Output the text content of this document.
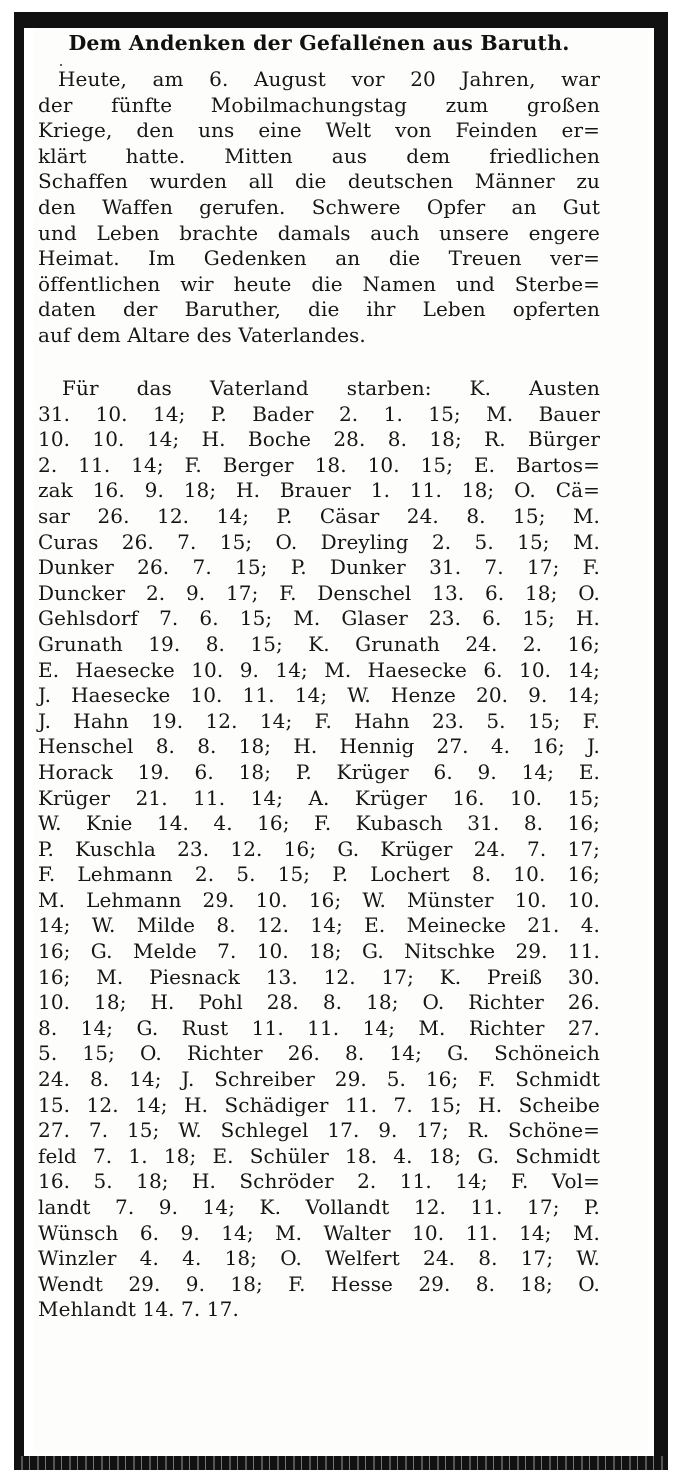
Dem Andenken der Gefallenen aus Baruth.
Heute, am 6. August vor 20 Jahren, war
der fünfte Mobilmachungstag zum großen
Kriege, den uns eine Welt von Feinden er=
klärt hatte. Mitten aus dem friedlichen
Schaffen wurden all die deutschen Männer zu
den Waffen gerufen. Schwere Opfer an Gut
und Leben brachte damals auch unsere engere
Heimat. Im Gedenken an die Treuen ver=
öffentlichen wir heute die Namen und Sterbe=
daten der Baruther, die ihr Leben opferten
auf dem Altare des Vaterlandes.
Für das Vaterland starben: K. Austen
31. 10. 14; P. Bader 2. 1. 15; M. Bauer
10. 10. 14; H. Boche 28. 8. 18; R. Bürger
2. 11. 14; F. Berger 18. 10. 15; E. Bartos=
zak 16. 9. 18; H. Brauer 1. 11. 18; O. Cä=
sar 26. 12. 14; P. Cäsar 24. 8. 15; M.
Curas 26. 7. 15; O. Dreyling 2. 5. 15; M.
Dunker 26. 7. 15; P. Dunker 31. 7. 17; F.
Duncker 2. 9. 17; F. Denschel 13. 6. 18; O.
Gehlsdorf 7. 6. 15; M. Glaser 23. 6. 15; H.
Grunath 19. 8. 15; K. Grunath 24. 2. 16;
E. Haesecke 10. 9. 14; M. Haesecke 6. 10. 14;
J. Haesecke 10. 11. 14; W. Henze 20. 9. 14;
J. Hahn 19. 12. 14; F. Hahn 23. 5. 15; F.
Henschel 8. 8. 18; H. Hennig 27. 4. 16; J.
Horack 19. 6. 18; P. Krüger 6. 9. 14; E.
Krüger 21. 11. 14; A. Krüger 16. 10. 15;
W. Knie 14. 4. 16; F. Kubasch 31. 8. 16;
P. Kuschla 23. 12. 16; G. Krüger 24. 7. 17;
F. Lehmann 2. 5. 15; P. Lochert 8. 10. 16;
M. Lehmann 29. 10. 16; W. Münster 10. 10.
14; W. Milde 8. 12. 14; E. Meinecke 21. 4.
16; G. Melde 7. 10. 18; G. Nitschke 29. 11.
16; M. Piesnack 13. 12. 17; K. Preiß 30.
10. 18; H. Pohl 28. 8. 18; O. Richter 26.
8. 14; G. Rust 11. 11. 14; M. Richter 27.
5. 15; O. Richter 26. 8. 14; G. Schöneich
24. 8. 14; J. Schreiber 29. 5. 16; F. Schmidt
15. 12. 14; H. Schädiger 11. 7. 15; H. Scheibe
27. 7. 15; W. Schlegel 17. 9. 17; R. Schöne=
feld 7. 1. 18; E. Schüler 18. 4. 18; G. Schmidt
16. 5. 18; H. Schröder 2. 11. 14; F. Vol=
landt 7. 9. 14; K. Vollandt 12. 11. 17; P.
Wünsch 6. 9. 14; M. Walter 10. 11. 14; M.
Winzler 4. 4. 18; O. Welfert 24. 8. 17; W.
Wendt 29. 9. 18; F. Hesse 29. 8. 18; O.
Mehlandt 14. 7. 17.
